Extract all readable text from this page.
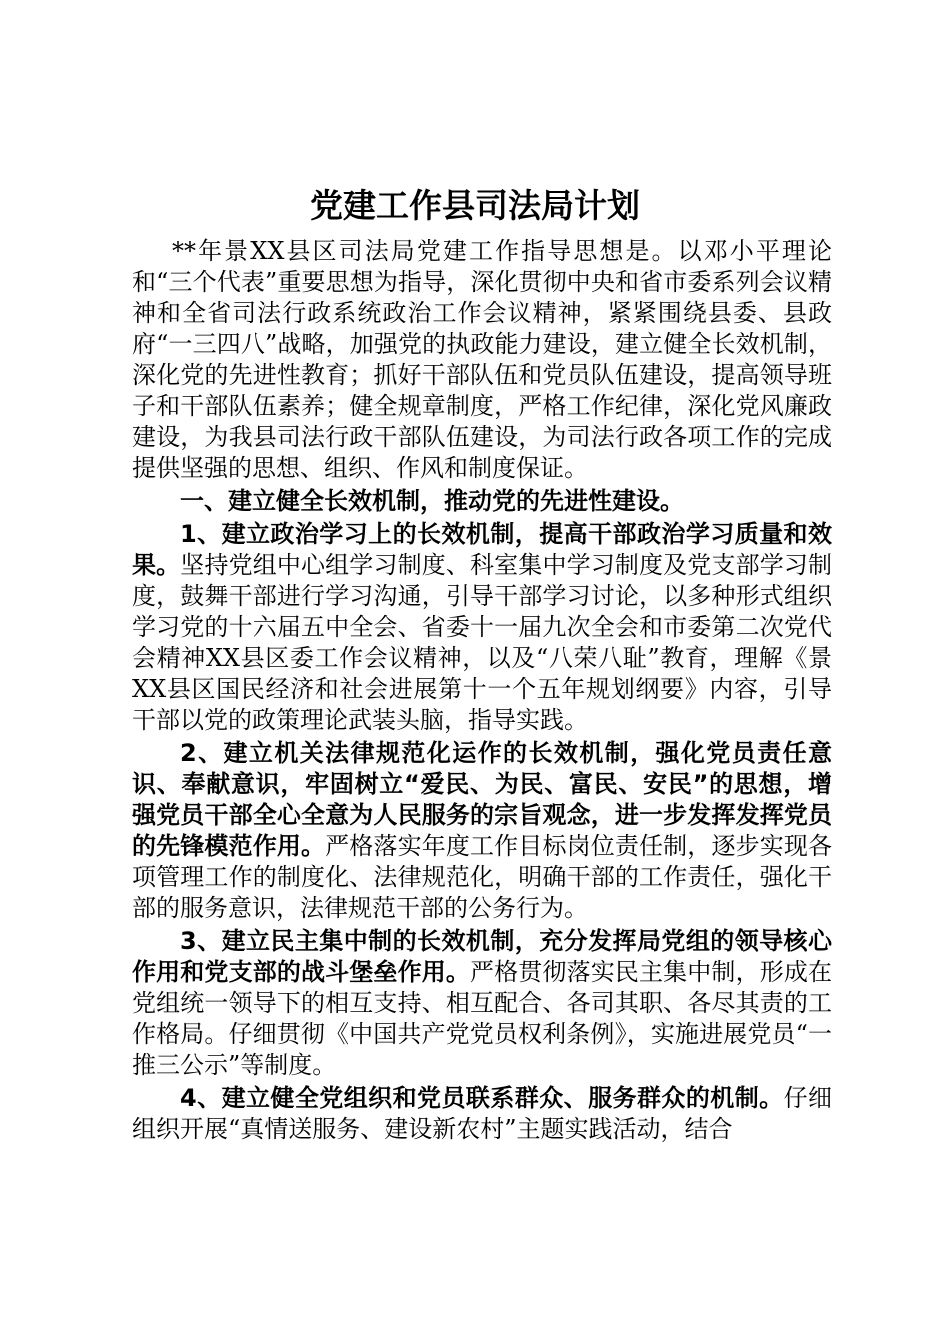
党建工作县司法局计划

**年景XX县区司法局党建工作指导思想是。以邓小平理论和“三个代表”重要思想为指导，深化贯彻中央和省市委系列会议精神和全省司法行政系统政治工作会议精神，紧紧围绕县委、县政府“一三四八”战略，加强党的执政能力建设，建立健全长效机制，深化党的先进性教育；抓好干部队伍和党员队伍建设，提高领导班子和干部队伍素养；健全规章制度，严格工作纪律，深化党风廉政建设，为我县司法行政干部队伍建设，为司法行政各项工作的完成提供坚强的思想、组织、作风和制度保证。

一、建立健全长效机制，推动党的先进性建设。

1、建立政治学习上的长效机制，提高干部政治学习质量和效果。坚持党组中心组学习制度、科室集中学习制度及党支部学习制度，鼓舞干部进行学习沟通，引导干部学习讨论，以多种形式组织学习党的十六届五中全会、省委十一届九次全会和市委第二次党代会精神XX县区委工作会议精神，以及“八荣八耻”教育，理解《景XX县区国民经济和社会进展第十一个五年规划纲要》内容，引导干部以党的政策理论武装头脑，指导实践。

2、建立机关法律规范化运作的长效机制，强化党员责任意识、奉献意识，牢固树立“爱民、为民、富民、安民”的思想，增强党员干部全心全意为人民服务的宗旨观念，进一步发挥发挥党员的先锋模范作用。严格落实年度工作目标岗位责任制，逐步实现各项管理工作的制度化、法律规范化，明确干部的工作责任，强化干部的服务意识，法律规范干部的公务行为。

3、建立民主集中制的长效机制，充分发挥局党组的领导核心作用和党支部的战斗堡垒作用。严格贯彻落实民主集中制，形成在党组统一领导下的相互支持、相互配合、各司其职、各尽其责的工作格局。仔细贯彻《中国共产党党员权利条例》，实施进展党员“一推三公示”等制度。

4、建立健全党组织和党员联系群众、服务群众的机制。仔细组织开展“真情送服务、建设新农村”主题实践活动，结合
